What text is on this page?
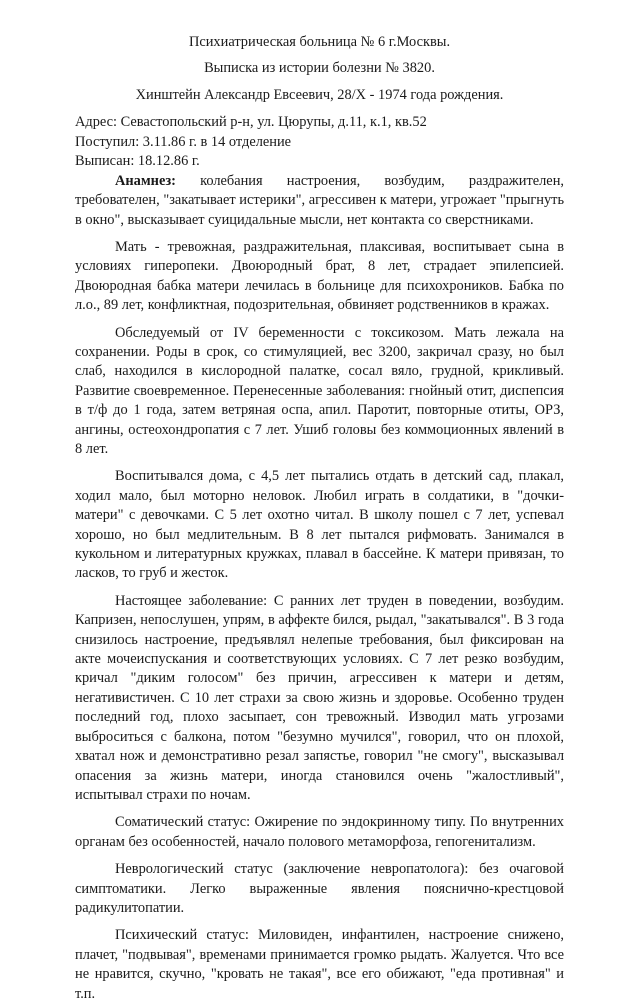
Психиатрическая больница № 6 г.Москвы.
Выписка из истории болезни № 3820.
Хинштейн Александр Евсеевич, 28/X - 1974 года рождения.
Адрес: Севастопольский р-н, ул. Цюрупы, д.11, к.1, кв.52
Поступил: 3.11.86 г. в 14 отделение
Выписан: 18.12.86 г.

Анамнез: колебания настроения, возбудим, раздражителен, требователен, "закатывает истерики", агрессивен к матери, угрожает "прыгнуть в окно", высказывает суицидальные мысли, нет контакта со сверстниками.

Мать - тревожная, раздражительная, плаксивая, воспитывает сына в условиях гиперопеки. Двоюродный брат, 8 лет, страдает эпилепсией. Двоюродная бабка матери лечилась в больнице для психохроников. Бабка по л.о., 89 лет, конфликтная, подозрительная, обвиняет родственников в кражах.

Обследуемый от IV беременности с токсикозом. Мать лежала на сохранении. Роды в срок, со стимуляцией, вес 3200, закричал сразу, но был слаб, находился в кислородной палатке, сосал вяло, грудной, крикливый. Развитие своевременное. Перенесенные заболевания: гнойный отит, диспепсия в т/ф до 1 года, затем ветряная оспа, апил. Паротит, повторные отиты, ОРЗ, ангины, остеохондропатия с 7 лет. Ушиб головы без коммоционных явлений в 8 лет.

Воспитывался дома, с 4,5 лет пытались отдать в детский сад, плакал, ходил мало, был моторно неловок. Любил играть в солдатики, в "дочки-матери" с девочками. С 5 лет охотно читал. В школу пошел с 7 лет, успевал хорошо, но был медлительным. В 8 лет пытался рифмовать. Занимался в кукольном и литературных кружках, плавал в бассейне. К матери привязан, то ласков, то груб и жесток.

Настоящее заболевание: С ранних лет труден в поведении, возбудим. Капризен, непослушен, упрям, в аффекте бился, рыдал, "закатывался". В 3 года снизилось настроение, предъявлял нелепые требования, был фиксирован на акте мочеиспускания и соответствующих условиях. С 7 лет резко возбудим, кричал "диким голосом" без причин, агрессивен к матери и детям, негативистичен. С 10 лет страхи за свою жизнь и здоровье. Особенно труден последний год, плохо засыпает, сон тревожный. Изводил мать угрозами выброситься с балкона, потом "безумно мучился", говорил, что он плохой, хватал нож и демонстративно резал запястье, говорил "не смогу", высказывал опасения за жизнь матери, иногда становился очень "жалостливый", испытывал страхи по ночам.

Соматический статус: Ожирение по эндокринному типу. По внутренних органам без особенностей, начало полового метаморфоза, гепогенитализм.

Неврологический статус (заключение невропатолога): без очаговой симптоматики. Легко выраженные явления пояснично-крестцовой радикулитопатии.

Психический статус: Миловиден, инфантилен, настроение снижено, плачет, "подвывая", временами принимается громко рыдать. Жалуется. Что все не нравится, скучно, "кровать не такая", все его обижают, "еда противная" и т.п.
